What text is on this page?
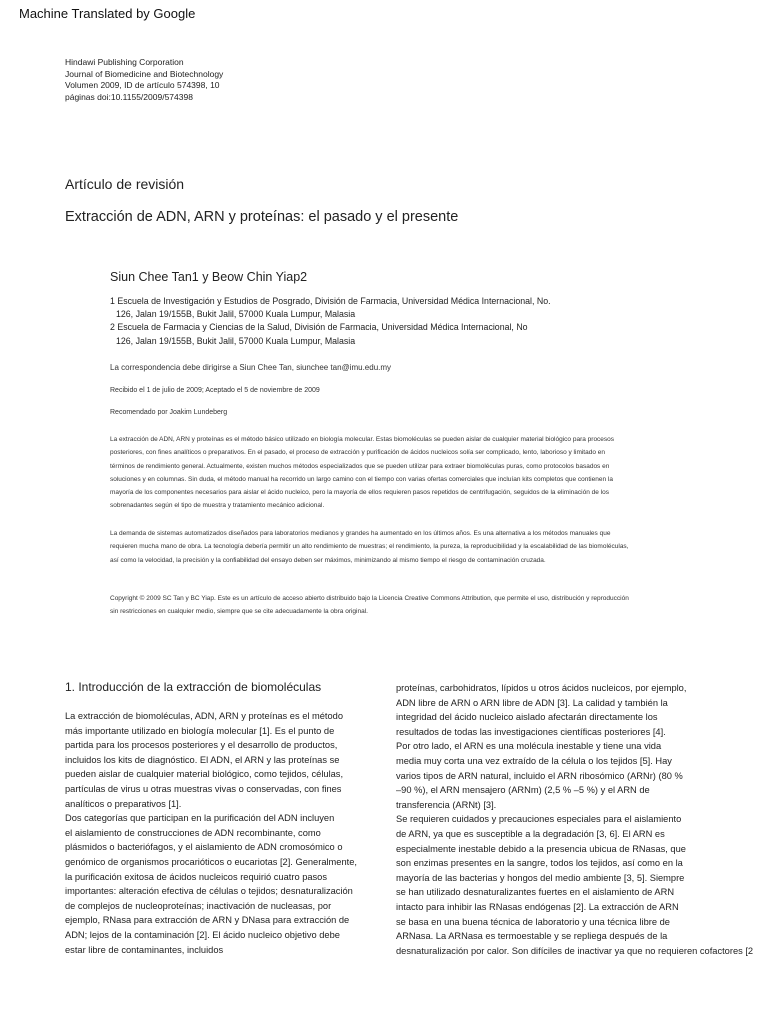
Machine Translated by Google
Hindawi Publishing Corporation
Journal of Biomedicine and Biotechnology
Volumen 2009, ID de artículo 574398, 10
páginas doi:10.1155/2009/574398
Artículo de revisión
Extracción de ADN, ARN y proteínas: el pasado y el presente
Siun Chee Tan1 y Beow Chin Yiap2
1 Escuela de Investigación y Estudios de Posgrado, División de Farmacia, Universidad Médica Internacional, No.
126, Jalan 19/155B, Bukit Jalil, 57000 Kuala Lumpur, Malasia
2 Escuela de Farmacia y Ciencias de la Salud, División de Farmacia, Universidad Médica Internacional, No
126, Jalan 19/155B, Bukit Jalil, 57000 Kuala Lumpur, Malasia
La correspondencia debe dirigirse a Siun Chee Tan, siunchee tan@imu.edu.my
Recibido el 1 de julio de 2009; Aceptado el 5 de noviembre de 2009
Recomendado por Joakim Lundeberg
La extracción de ADN, ARN y proteínas es el método básico utilizado en biología molecular. Estas biomoléculas se pueden aislar de cualquier material biológico para procesos
posteriores, con fines analíticos o preparativos. En el pasado, el proceso de extracción y purificación de ácidos nucleicos solía ser complicado, lento, laborioso y limitado en
términos de rendimiento general. Actualmente, existen muchos métodos especializados que se pueden utilizar para extraer biomoléculas puras, como protocolos basados en
soluciones y en columnas. Sin duda, el método manual ha recorrido un largo camino con el tiempo con varias ofertas comerciales que incluían kits completos que contienen la
mayoría de los componentes necesarios para aislar el ácido nucleico, pero la mayoría de ellos requieren pasos repetidos de centrifugación, seguidos de la eliminación de los
sobrenadantes según el tipo de muestra y tratamiento mecánico adicional.
La demanda de sistemas automatizados diseñados para laboratorios medianos y grandes ha aumentado en los últimos años. Es una alternativa a los métodos manuales que
requieren mucha mano de obra. La tecnología debería permitir un alto rendimiento de muestras; el rendimiento, la pureza, la reproducibilidad y la escalabilidad de las biomoléculas,
así como la velocidad, la precisión y la confiabilidad del ensayo deben ser máximos, minimizando al mismo tiempo el riesgo de contaminación cruzada.
Copyright © 2009 SC Tan y BC Yiap. Este es un artículo de acceso abierto distribuido bajo la Licencia Creative Commons Attribution, que permite el uso, distribución y reproducción
sin restricciones en cualquier medio, siempre que se cite adecuadamente la obra original.
1. Introducción de la extracción de biomoléculas
La extracción de biomoléculas, ADN, ARN y proteínas es el método
más importante utilizado en biología molecular [1]. Es el punto de
partida para los procesos posteriores y el desarrollo de productos,
incluidos los kits de diagnóstico. El ADN, el ARN y las proteínas se
pueden aislar de cualquier material biológico, como tejidos, células,
partículas de virus u otras muestras vivas o conservadas, con fines
analíticos o preparativos [1].
Dos categorías que participan en la purificación del ADN incluyen
el aislamiento de construcciones de ADN recombinante, como
plásmidos o bacteriófagos, y el aislamiento de ADN cromosómico o
genómico de organismos procarióticos o eucariotas [2]. Generalmente,
la purificación exitosa de ácidos nucleicos requirió cuatro pasos
importantes: alteración efectiva de células o tejidos; desnaturalización
de complejos de nucleoproteínas; inactivación de nucleasas, por
ejemplo, RNasa para extracción de ARN y DNasa para extracción de
ADN; lejos de la contaminación [2]. El ácido nucleico objetivo debe
estar libre de contaminantes, incluidos
proteínas, carbohidratos, lípidos u otros ácidos nucleicos, por ejemplo,
ADN libre de ARN o ARN libre de ADN [3]. La calidad y también la
integridad del ácido nucleico aislado afectarán directamente los
resultados de todas las investigaciones científicas posteriores [4].
Por otro lado, el ARN es una molécula inestable y tiene una vida
media muy corta una vez extraído de la célula o los tejidos [5]. Hay
varios tipos de ARN natural, incluido el ARN ribosómico (ARNr) (80 %
–90 %), el ARN mensajero (ARNm) (2,5 % –5 %) y el ARN de
transferencia (ARNt) [3].
Se requieren cuidados y precauciones especiales para el aislamiento
de ARN, ya que es susceptible a la degradación [3, 6]. El ARN es
especialmente inestable debido a la presencia ubicua de RNasas, que
son enzimas presentes en la sangre, todos los tejidos, así como en la
mayoría de las bacterias y hongos del medio ambiente [3, 5]. Siempre
se han utilizado desnaturalizantes fuertes en el aislamiento de ARN
intacto para inhibir las RNasas endógenas [2]. La extracción de ARN
se basa en una buena técnica de laboratorio y una técnica libre de
ARNasa. La ARNasa es termoestable y se repliega después de la
desnaturalización por calor. Son difíciles de inactivar ya que no requieren cofactores [2
